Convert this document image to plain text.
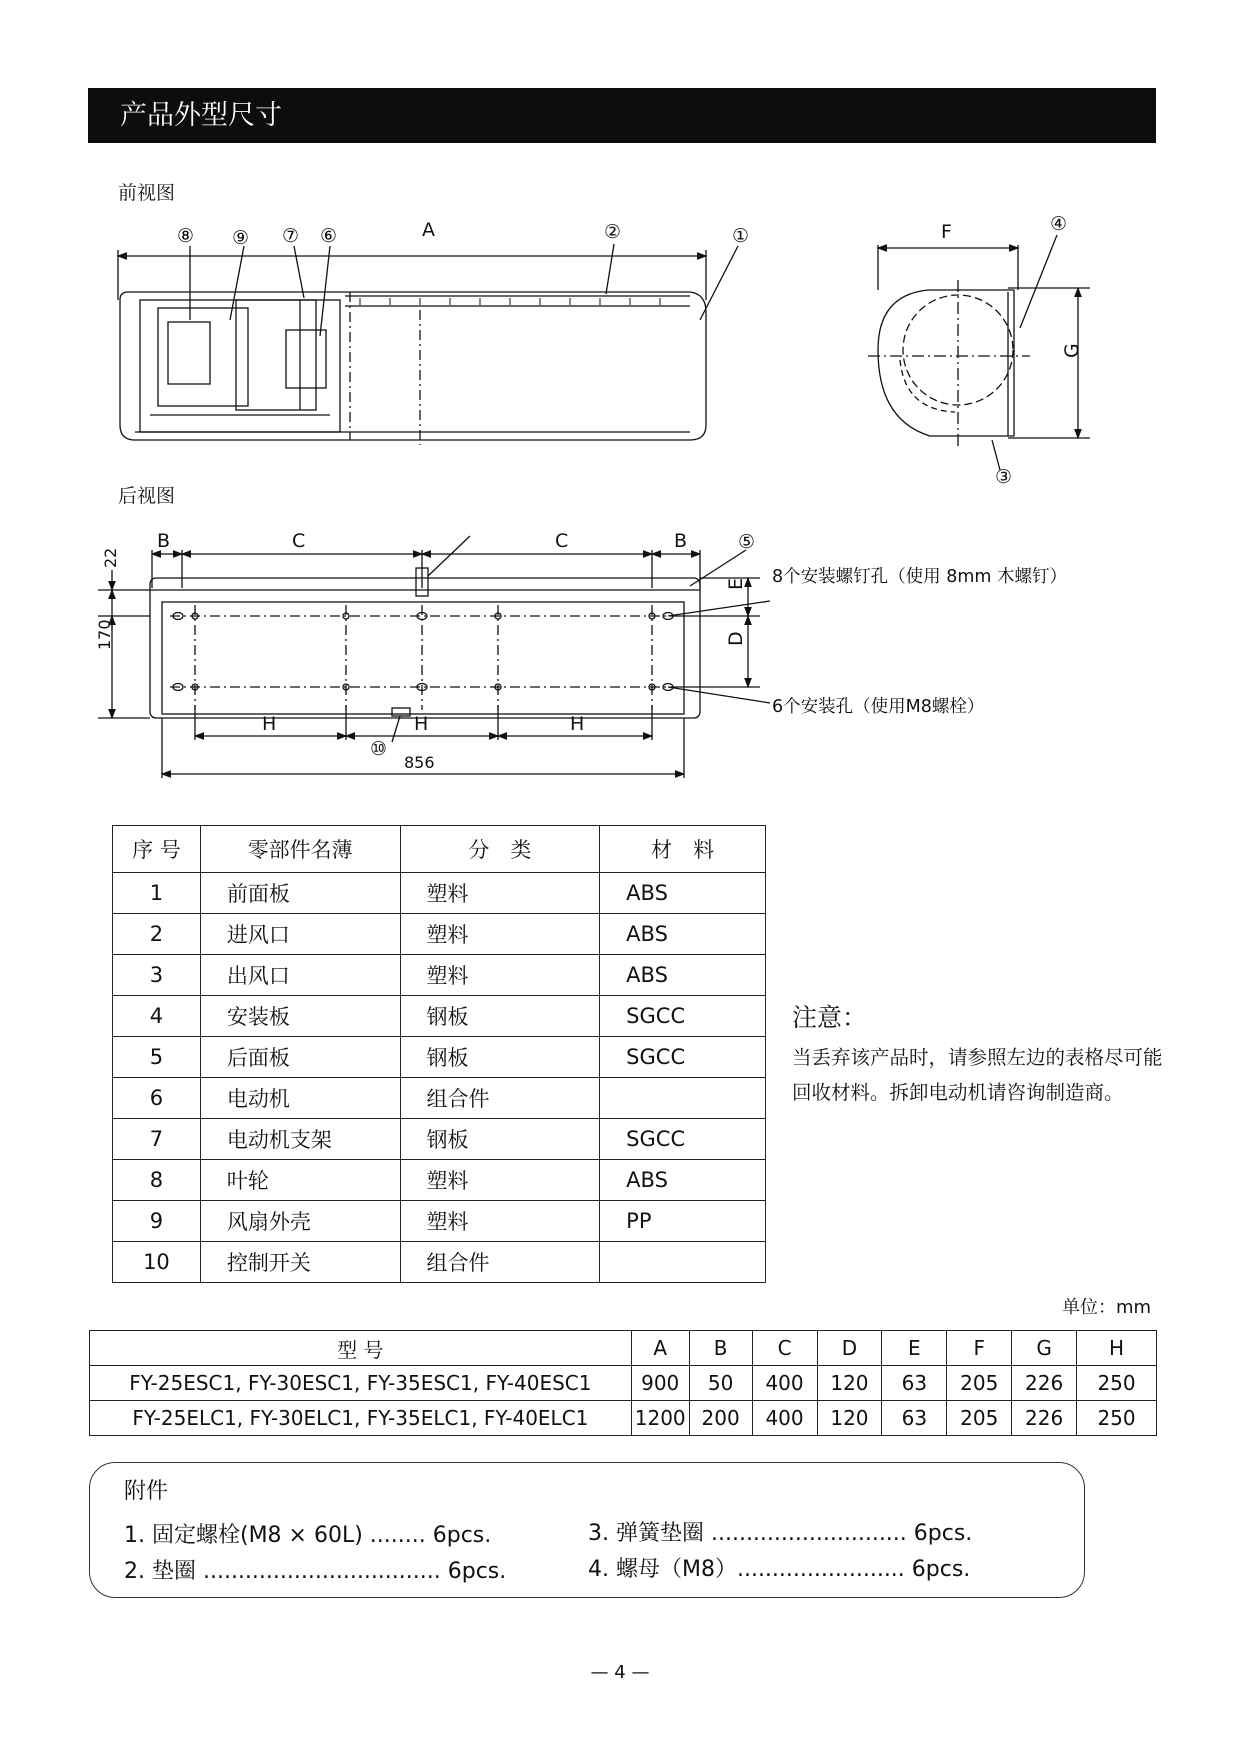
产品外型尺寸
前视图
后视图
A
⑧ ⑨ ⑦ ⑥	②	①	F
G
④
③
B	C	C	B
22
170
E
D
H	H	H
856
⑤
⑩
8个安装螺钉孔（使用 8mm 木螺钉）
6个安装孔（使用M8螺栓）
序 号	零部件名薄	分　类	材　料
1	前面板	塑料	ABS
2	进风口	塑料	ABS
3	出风口	塑料	ABS
4	安装板	钢板	SGCC
5	后面板	钢板	SGCC
6	电动机	组合件	
7	电动机支架	钢板	SGCC
8	叶轮	塑料	ABS
9	风扇外壳	塑料	PP
10	控制开关	组合件	
注意：
当丢弃该产品时，请参照左边的表格尽可能回收材料。拆卸电动机请咨询制造商。
单位：mm
型 号	A	B	C	D	E	F	G	H
FY-25ESC1, FY-30ESC1, FY-35ESC1, FY-40ESC1	900	50	400	120	63	205	226	250
FY-25ELC1, FY-30ELC1, FY-35ELC1, FY-40ELC1	1200	200	400	120	63	205	226	250
附件
1. 固定螺栓(M8 × 60L) ........ 6pcs.
2. 垫圈 .................................. 6pcs.
3. 弹簧垫圈 ............................ 6pcs.
4. 螺母（M8）........................ 6pcs.
— 4 —
